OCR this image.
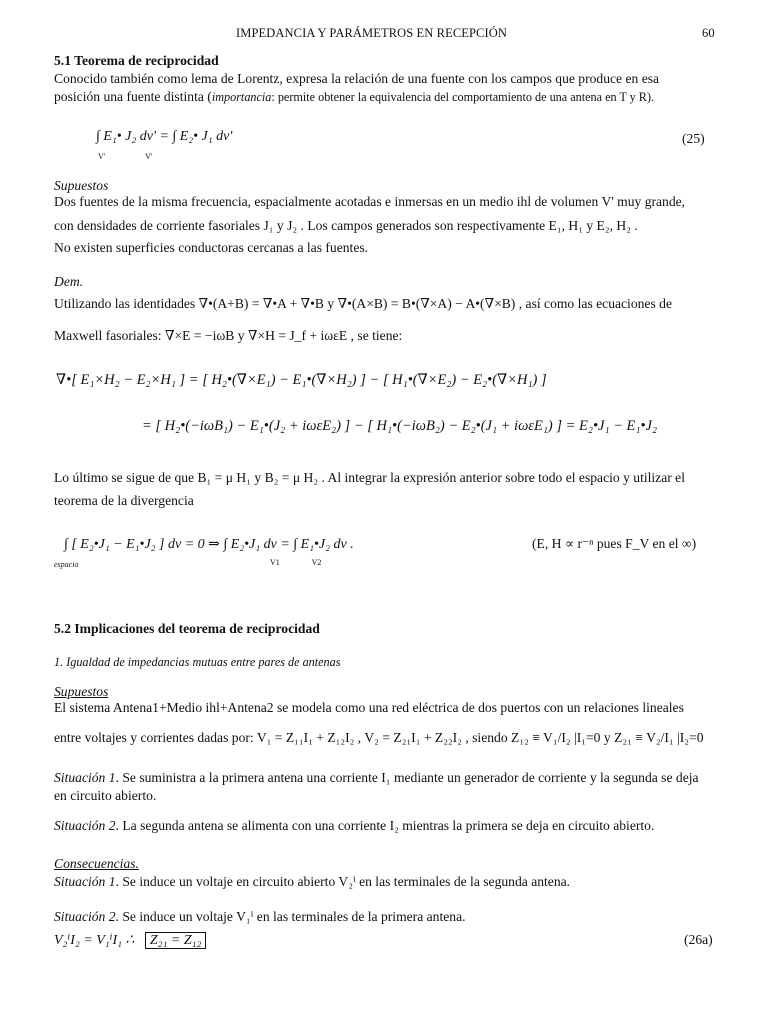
IMPEDANCIA Y PARÁMETROS EN RECEPCIÓN	60
5.1 Teorema de reciprocidad
Conocido también como lema de Lorentz, expresa la relación de una fuente con los campos que produce en esa
posición una fuente distinta (importancia: permite obtener la equivalencia del comportamiento de una antena en T y R).
∫ E₁• J₂ dv' = ∫ E₂• J₁ dv'
V'                    V'
(25)
Supuestos
Dos fuentes de la misma frecuencia, espacialmente acotadas e inmersas en un medio ihl de volumen V' muy grande,
con densidades de corriente fasoriales J₁ y J₂ . Los campos generados son respectivamente E₁, H₁ y E₂, H₂ .
No existen superficies conductoras cercanas a las fuentes.
Dem.
Utilizando las identidades ∇•(A+B) = ∇•A + ∇•B y ∇•(A×B) = B•(∇×A) − A•(∇×B) , así como las ecuaciones de
Maxwell fasoriales: ∇×E = −iωB y ∇×H = J_f + iωεE , se tiene:
∇•[ E₁×H₂ − E₂×H₁ ] = [ H₂•(∇×E₁) − E₁•(∇×H₂) ] − [ H₁•(∇×E₂) − E₂•(∇×H₁) ]
= [ H₂•(−iωB₁) − E₁•(J₂ + iωεE₂) ] − [ H₁•(−iωB₂) − E₂•(J₁ + iωεE₁) ] = E₂•J₁ − E₁•J₂
Lo último se sigue de que B₁ = μ H₁ y B₂ = μ H₂ . Al integrar la expresión anterior sobre todo el espacio y utilizar el
teorema de la divergencia
∫ [ E₂•J₁ − E₁•J₂ ] dv = 0 ⇒ ∫ E₂•J₁ dv = ∫ E₁•J₂ dv .
espacio	V1                V2
(E, H ∝ r⁻ⁿ pues F_V en el ∞)
5.2 Implicaciones del teorema de reciprocidad
1. Igualdad de impedancias mutuas entre pares de antenas
Supuestos
El sistema Antena1+Medio ihl+Antena2 se modela como una red eléctrica de dos puertos con un relaciones lineales
entre voltajes y corrientes dadas por: V₁ = Z₁₁I₁ + Z₁₂I₂ , V₂ = Z₂₁I₁ + Z₂₂I₂ , siendo Z₁₂ ≡ V₁/I₂ |I₁=0 y Z₂₁ ≡ V₂/I₁ |I₂=0
Situación 1. Se suministra a la primera antena una corriente I₁ mediante un generador de corriente y la segunda se deja
en circuito abierto.
Situación 2. La segunda antena se alimenta con una corriente I₂ mientras la primera se deja en circuito abierto.
Consecuencias.
Situación 1. Se induce un voltaje en circuito abierto V₂ⁱ en las terminales de la segunda antena.
Situación 2. Se induce un voltaje V₁ⁱ en las terminales de la primera antena.
V₂ⁱI₂ = V₁ⁱI₁ ∴ Z₂₁ = Z₁₂	(26a)
